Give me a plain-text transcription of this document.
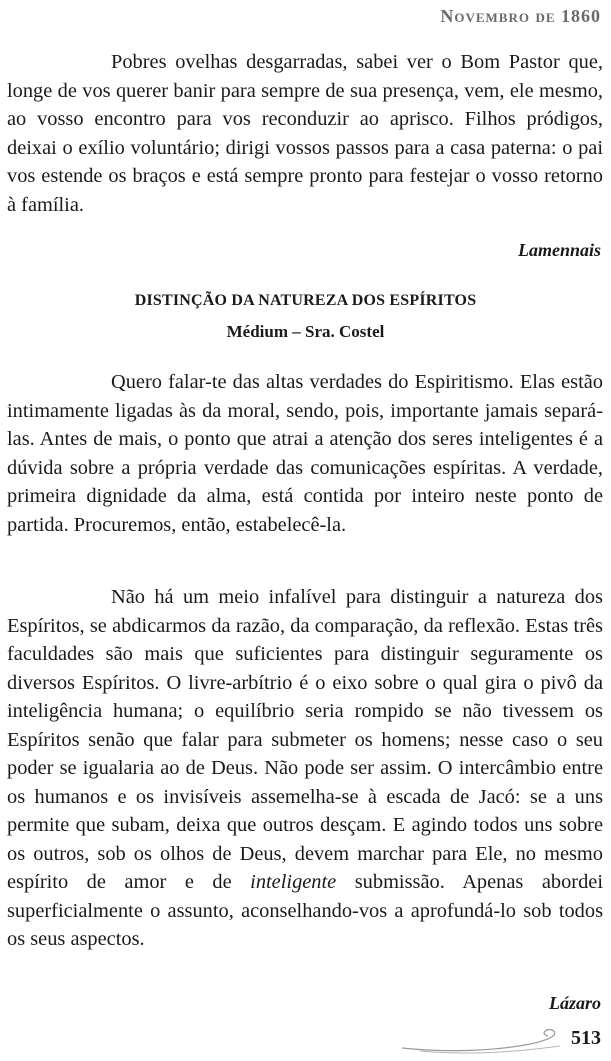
Novembro de 1860
Pobres ovelhas desgarradas, sabei ver o Bom Pastor que, longe de vos querer banir para sempre de sua presença, vem, ele mesmo, ao vosso encontro para vos reconduzir ao aprisco. Filhos pródigos, deixai o exílio voluntário; dirigi vossos passos para a casa paterna: o pai vos estende os braços e está sempre pronto para festejar o vosso retorno à família.
Lamennais
DISTINÇÃO DA NATUREZA DOS ESPÍRITOS
Médium – Sra. Costel
Quero falar-te das altas verdades do Espiritismo. Elas estão intimamente ligadas às da moral, sendo, pois, importante jamais separá-las. Antes de mais, o ponto que atrai a atenção dos seres inteligentes é a dúvida sobre a própria verdade das comunicações espíritas. A verdade, primeira dignidade da alma, está contida por inteiro neste ponto de partida. Procuremos, então, estabelecê-la.
Não há um meio infalível para distinguir a natureza dos Espíritos, se abdicarmos da razão, da comparação, da reflexão. Estas três faculdades são mais que suficientes para distinguir seguramente os diversos Espíritos. O livre-arbítrio é o eixo sobre o qual gira o pivô da inteligência humana; o equilíbrio seria rompido se não tivessem os Espíritos senão que falar para submeter os homens; nesse caso o seu poder se igualaria ao de Deus. Não pode ser assim. O intercâmbio entre os humanos e os invisíveis assemelha-se à escada de Jacó: se a uns permite que subam, deixa que outros desçam. E agindo todos uns sobre os outros, sob os olhos de Deus, devem marchar para Ele, no mesmo espírito de amor e de inteligente submissão. Apenas abordei superficialmente o assunto, aconselhando-vos a aprofundá-lo sob todos os seus aspectos.
Lázaro
513
